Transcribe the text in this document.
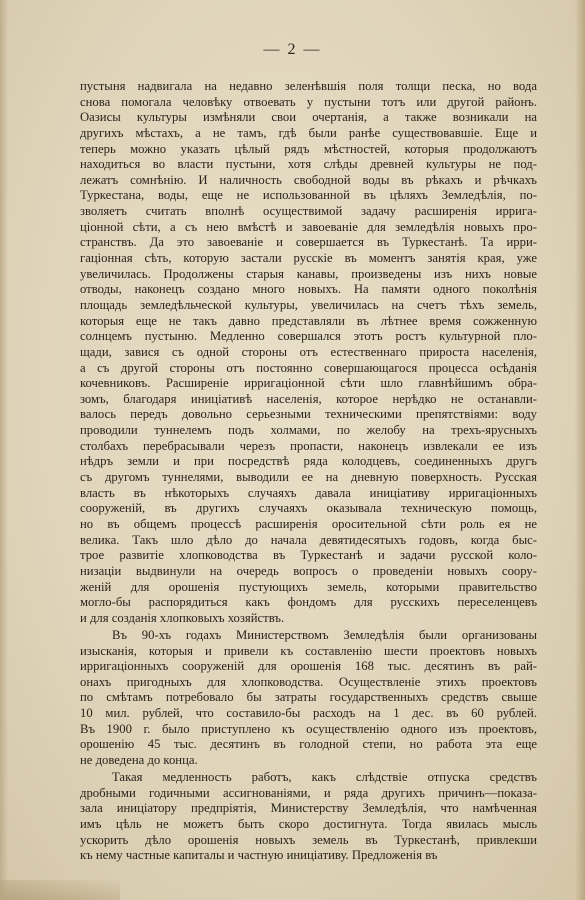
— 2 —
пустыня надвигала на недавно зеленѣвшія поля толщи песка, но вода
снова помогала человѣку отвоевать у пустыни тотъ или другой районъ.
Оазисы культуры измѣняли свои очертанія, а также возникали на
другихъ мѣстахъ, а не тамъ, гдѣ были ранѣе существовавшіе. Еще и
теперь можно указать цѣлый рядъ мѣстностей, которыя продолжаютъ
находиться во власти пустыни, хотя слѣды древней культуры не под-
лежатъ сомнѣнію. И наличность свободной воды въ рѣкахъ и рѣчкахъ
Туркестана, воды, еще не использованной въ цѣляхъ Земледѣлія, по-
зволяетъ считать вполнѣ осуществимой задачу расширенія иррига-
ціонной сѣти, а съ нею вмѣстѣ и завоеваніе для земледѣлія новыхъ про-
странствъ. Да это завоеваніе и совершается въ Туркестанѣ. Та ирри-
гаціонная сѣть, которую застали русскіе въ моментъ занятія края, уже
увеличилась. Продолжены старыя канавы, произведены изъ нихъ новые
отводы, наконецъ создано много новыхъ. На памяти одного поколѣнія
площадь земледѣльческой культуры, увеличилась на счетъ тѣхъ земель,
которыя еще не такъ давно представляли въ лѣтнее время сожженную
солнцемъ пустыню. Медленно совершался этотъ ростъ культурной пло-
щади, завися съ одной стороны отъ естественнаго прироста населенія,
а съ другой стороны отъ постоянно совершающагося процесса осѣданія
кочевниковъ. Расширеніе ирригаціонной сѣти шло главнѣйшимъ обра-
зомъ, благодаря иниціативѣ населенія, которое нерѣдко не останавли-
валось передъ довольно серьезными техническими препятствіями: воду
проводили туннелемъ подъ холмами, по желобу на трехъ-ярусныхъ
столбахъ перебрасывали черезъ пропасти, наконецъ извлекали ее изъ
нѣдръ земли и при посредствѣ ряда колодцевъ, соединенныхъ другъ
съ другомъ туннелями, выводили ее на дневную поверхность. Русская
власть въ нѣкоторыхъ случаяхъ давала иниціативу ирригаціонныхъ
сооруженій, въ другихъ случаяхъ оказывала техническую помощь,
но въ общемъ процессѣ расширенія оросительной сѣти роль ея не
велика. Такъ шло дѣло до начала девятидесятыхъ годовъ, когда быс-
трое развитіе хлопководства въ Туркестанѣ и задачи русской коло-
низаціи выдвинули на очередь вопросъ о проведеніи новыхъ соору-
женій для орошенія пустующихъ земель, которыми правительство
могло-бы распорядиться какъ фондомъ для русскихъ переселенцевъ
и для созданія хлопковыхъ хозяйствъ.
Въ 90-хъ годахъ Министерствомъ Земледѣлія были организованы
изысканія, которыя и привели къ составленію шести проектовъ новыхъ
ирригаціонныхъ сооруженій для орошенія 168 тыс. десятинъ въ рай-
онахъ пригодныхъ для хлопководства. Осуществленіе этихъ проектовъ
по смѣтамъ потребовало бы затраты государственныхъ средствъ свыше
10 мил. рублей, что составило-бы расходъ на 1 дес. въ 60 рублей.
Въ 1900 г. было приступлено къ осуществленію одного изъ проектовъ,
орошенію 45 тыс. десятинъ въ голодной степи, но работа эта еще
не доведена до конца.
Такая медленность работъ, какъ слѣдствіе отпуска средствъ
дробными годичными ассигнованіями, и ряда другихъ причинъ—показа-
зала иниціатору предпріятія, Министерству Земледѣлія, что намѣченная
имъ цѣль не можетъ быть скоро достигнута. Тогда явилась мысль
ускорить дѣло орошенія новыхъ земель въ Туркестанѣ, привлекши
къ нему частные капиталы и частную иниціативу. Предложенія въ
